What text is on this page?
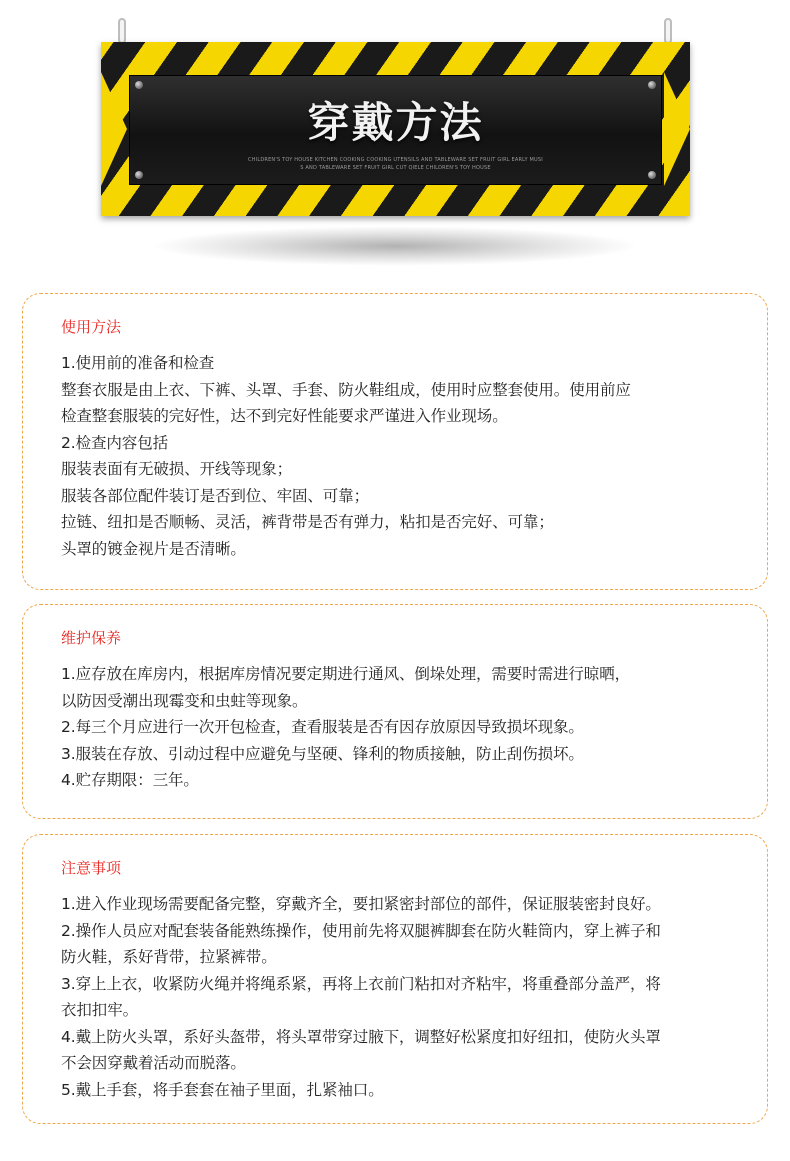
穿戴方法
CHILDREN'S TOY HOUSE KITCHEN COOKING COOKING UTENSILS AND TABLEWARE SET FRUIT GIRL EARLY MUSI
S AND TABLEWARE SET FRUIT GIRL CUT QIELE CHILDREN'S TOY HOUSE
使用方法
1.使用前的准备和检查
整套衣服是由上衣、下裤、头罩、手套、防火鞋组成，使用时应整套使用。使用前应
检查整套服装的完好性，达不到完好性能要求严谨进入作业现场。
2.检查内容包括
服装表面有无破损、开线等现象；
服装各部位配件装订是否到位、牢固、可靠；
拉链、纽扣是否顺畅、灵活，裤背带是否有弹力，粘扣是否完好、可靠；
头罩的镀金视片是否清晰。
维护保养
1.应存放在库房内，根据库房情况要定期进行通风、倒垛处理，需要时需进行晾晒，
以防因受潮出现霉变和虫蛀等现象。
2.每三个月应进行一次开包检查，查看服装是否有因存放原因导致损坏现象。
3.服装在存放、引动过程中应避免与坚硬、锋利的物质接触，防止刮伤损坏。
4.贮存期限：三年。
注意事项
1.进入作业现场需要配备完整，穿戴齐全，要扣紧密封部位的部件，保证服装密封良好。
2.操作人员应对配套装备能熟练操作，使用前先将双腿裤脚套在防火鞋筒内，穿上裤子和
防火鞋，系好背带，拉紧裤带。
3.穿上上衣，收紧防火绳并将绳系紧，再将上衣前门粘扣对齐粘牢，将重叠部分盖严，将
衣扣扣牢。
4.戴上防火头罩，系好头盔带，将头罩带穿过腋下，调整好松紧度扣好纽扣，使防火头罩
不会因穿戴着活动而脱落。
5.戴上手套，将手套套在袖子里面，扎紧袖口。
